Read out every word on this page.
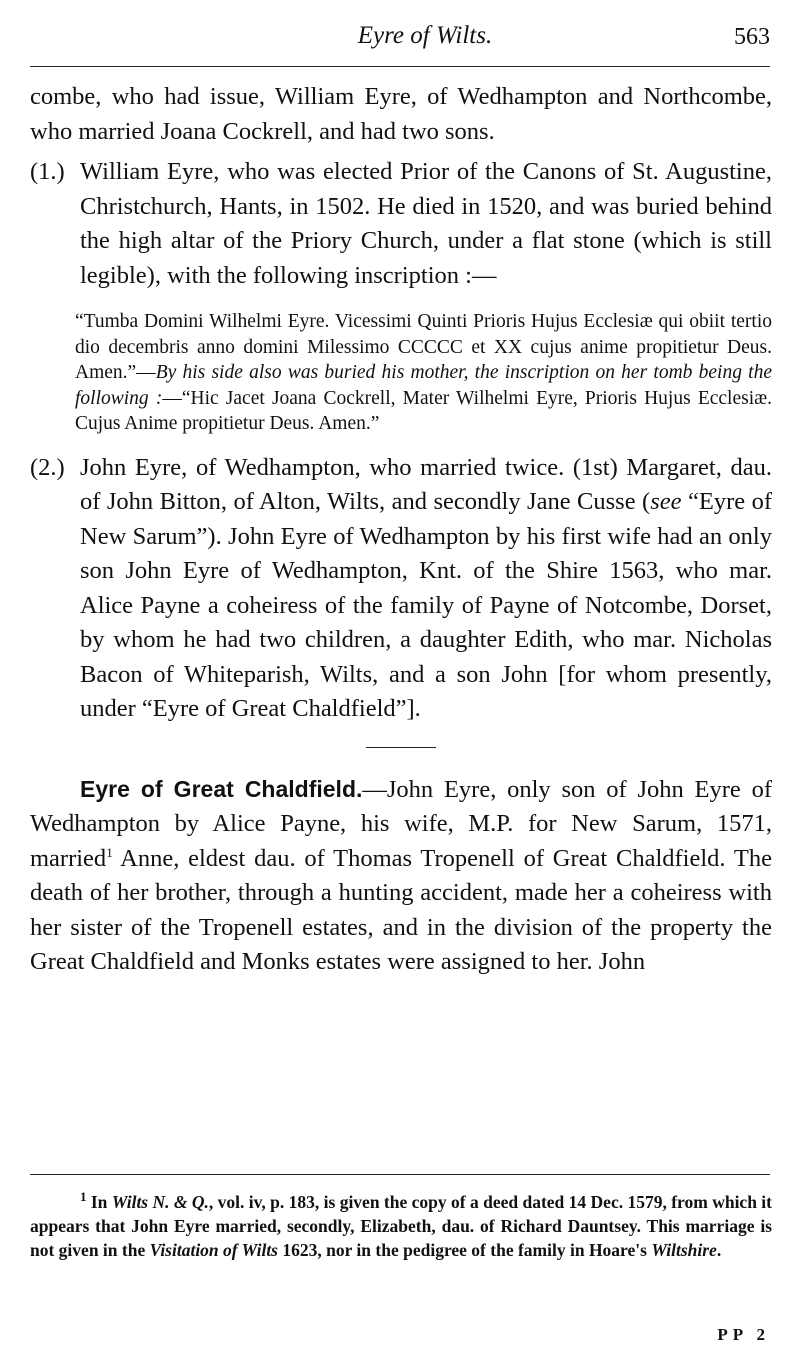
Eyre of Wilts.	563

combe, who had issue, William Eyre, of Wedhampton and Northcombe, who married Joana Cockrell, and had two sons.

(1.) William Eyre, who was elected Prior of the Canons of St. Augustine, Christchurch, Hants, in 1502. He died in 1520, and was buried behind the high altar of the Priory Church, under a flat stone (which is still legible), with the following inscription :—

“Tumba Domini Wilhelmi Eyre. Vicessimi Quinti Prioris Hujus Ecclesiæ qui obiit tertio dio decembris anno domini Milessimo CCCCC et XX cujus anime propitietur Deus. Amen.”—By his side also was buried his mother, the inscription on her tomb being the following :—“Hic Jacet Joana Cockrell, Mater Wilhelmi Eyre, Prioris Hujus Ecclesiæ. Cujus Anime propitietur Deus. Amen.”

(2.) John Eyre, of Wedhampton, who married twice. (1st) Margaret, dau. of John Bitton, of Alton, Wilts, and secondly Jane Cusse (see “Eyre of New Sarum”). John Eyre of Wedhampton by his first wife had an only son John Eyre of Wedhampton, Knt. of the Shire 1563, who mar. Alice Payne a coheiress of the family of Payne of Notcombe, Dorset, by whom he had two children, a daughter Edith, who mar. Nicholas Bacon of Whiteparish, Wilts, and a son John [for whom presently, under “Eyre of Great Chaldfield”].

Eyre of Great Chaldfield.—John Eyre, only son of John Eyre of Wedhampton by Alice Payne, his wife, M.P. for New Sarum, 1571, married$^1$ Anne, eldest dau. of Thomas Tropenell of Great Chaldfield. The death of her brother, through a hunting accident, made her a coheiress with her sister of the Tropenell estates, and in the division of the property the Great Chaldfield and Monks estates were assigned to her. John

$^1$ In Wilts N. & Q., vol. iv, p. 183, is given the copy of a deed dated 14 Dec. 1579, from which it appears that John Eyre married, secondly, Elizabeth, dau. of Richard Dauntsey. This marriage is not given in the Visitation of Wilts 1623, nor in the pedigree of the family in Hoare's Wiltshire.

PP 2
